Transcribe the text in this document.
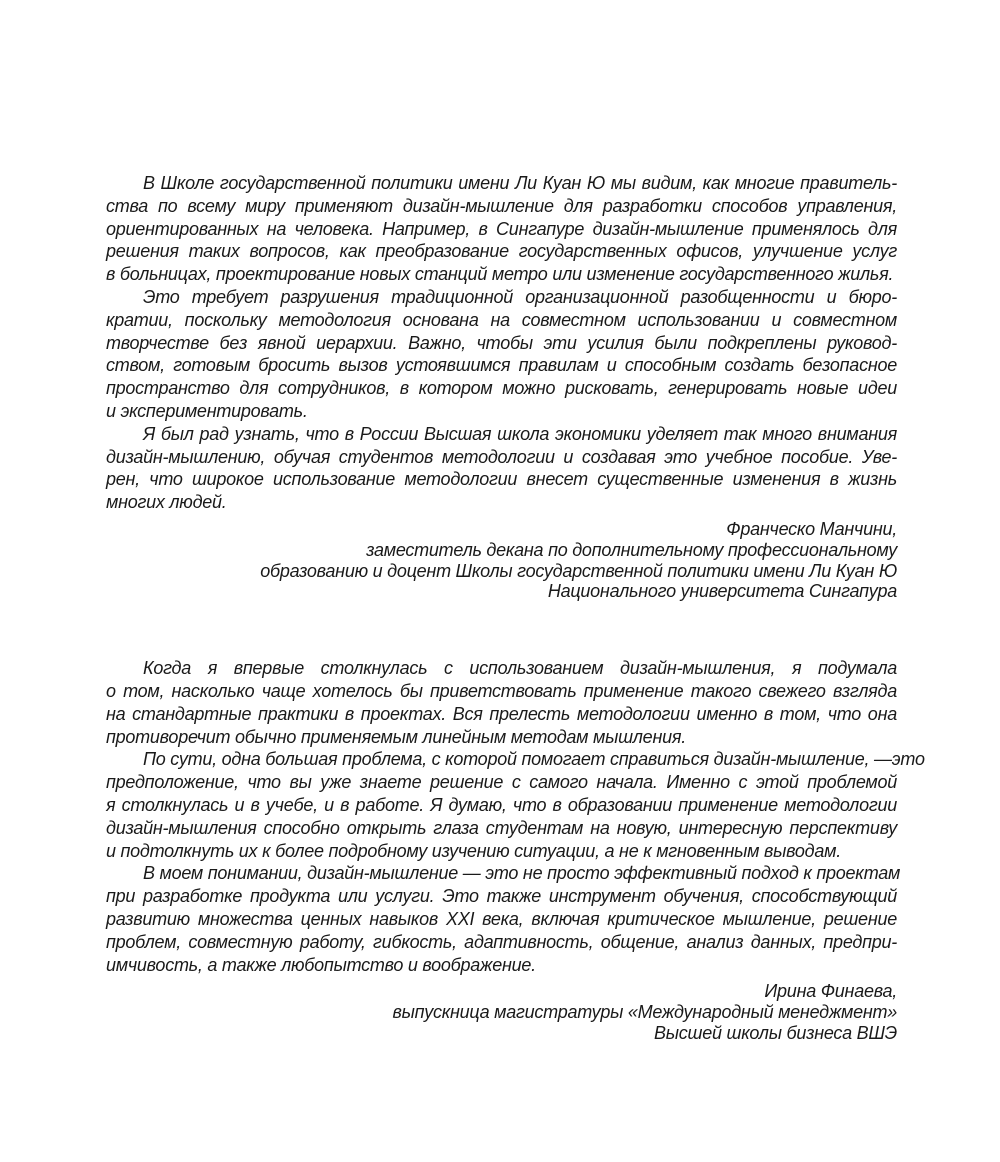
В Школе государственной политики имени Ли Куан Ю мы видим, как многие правитель-
ства по всему миру применяют дизайн-мышление для разработки способов управления,
ориентированных на человека. Например, в Сингапуре дизайн-мышление применялось для
решения таких вопросов, как преобразование государственных офисов, улучшение услуг
в больницах, проектирование новых станций метро или изменение государственного жилья.
Это требует разрушения традиционной организационной разобщенности и бюро-
кратии, поскольку методология основана на совместном использовании и совместном
творчестве без явной иерархии. Важно, чтобы эти усилия были подкреплены руковод-
ством, готовым бросить вызов устоявшимся правилам и способным создать безопасное
пространство для сотрудников, в котором можно рисковать, генерировать новые идеи
и экспериментировать.
Я был рад узнать, что в России Высшая школа экономики уделяет так много внимания
дизайн-мышлению, обучая студентов методологии и создавая это учебное пособие. Уве-
рен, что широкое использование методологии внесет существенные изменения в жизнь
многих людей.
Франческо Манчини,
заместитель декана по дополнительному профессиональному
образованию и доцент Школы государственной политики имени Ли Куан Ю
Национального университета Сингапура
Когда я впервые столкнулась с использованием дизайн-мышления, я подумала
о том, насколько чаще хотелось бы приветствовать применение такого свежего взгляда
на стандартные практики в проектах. Вся прелесть методологии именно в том, что она
противоречит обычно применяемым линейным методам мышления.
По сути, одна большая проблема, с которой помогает справиться дизайн-мышление, —это
предположение, что вы уже знаете решение с самого начала. Именно с этой проблемой
я столкнулась и в учебе, и в работе. Я думаю, что в образовании применение методологии
дизайн-мышления способно открыть глаза студентам на новую, интересную перспективу
и подтолкнуть их к более подробному изучению ситуации, а не к мгновенным выводам.
В моем понимании, дизайн-мышление — это не просто эффективный подход к проектам
при разработке продукта или услуги. Это также инструмент обучения, способствующий
развитию множества ценных навыков XXI века, включая критическое мышление, решение
проблем, совместную работу, гибкость, адаптивность, общение, анализ данных, предпри-
имчивость, а также любопытство и воображение.
Ирина Финаева,
выпускница магистратуры «Международный менеджмент»
Высшей школы бизнеса ВШЭ
